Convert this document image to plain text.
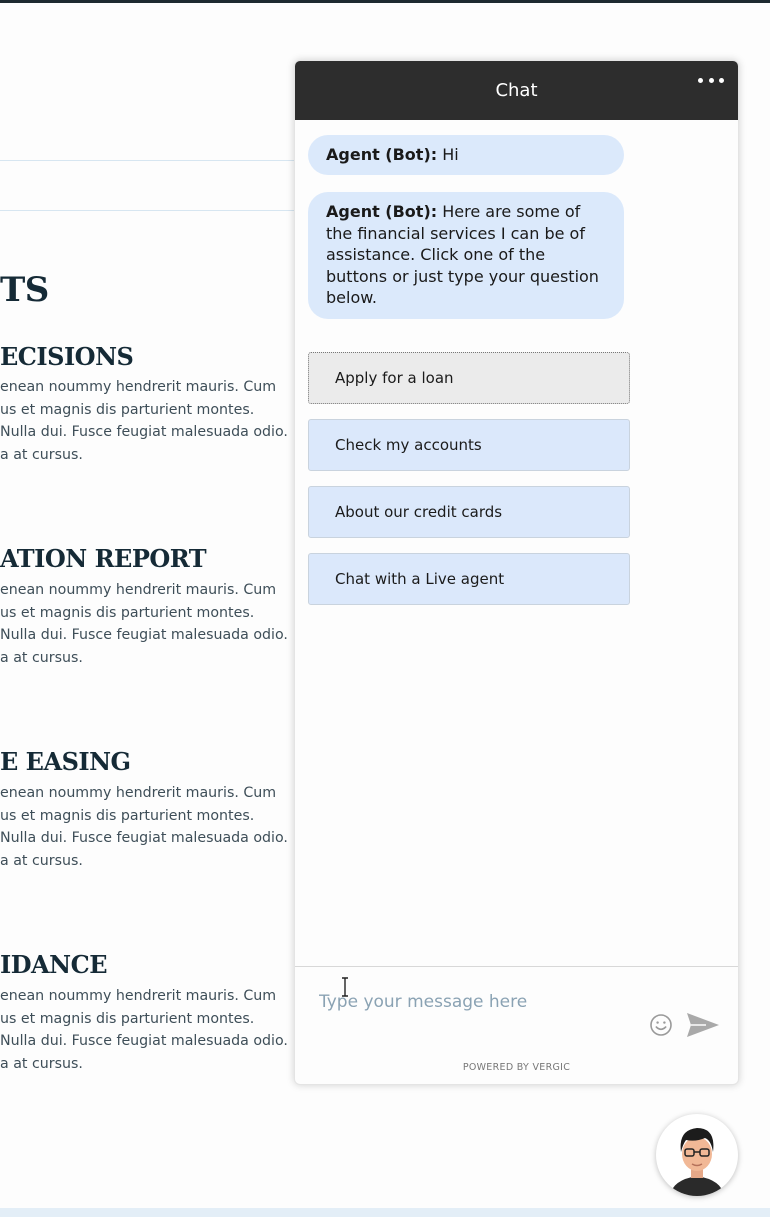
TS
ECISIONS
enean noummy hendrerit mauris. Cum
us et magnis dis parturient montes.
Nulla dui. Fusce feugiat malesuada odio.
a at cursus.
ATION REPORT
enean noummy hendrerit mauris. Cum
us et magnis dis parturient montes.
Nulla dui. Fusce feugiat malesuada odio.
a at cursus.
E EASING
enean noummy hendrerit mauris. Cum
us et magnis dis parturient montes.
Nulla dui. Fusce feugiat malesuada odio.
a at cursus.
IDANCE
enean noummy hendrerit mauris. Cum
us et magnis dis parturient montes.
Nulla dui. Fusce feugiat malesuada odio.
a at cursus.
Chat
Agent (Bot): Hi
Agent (Bot): Here are some of the financial services I can be of assistance. Click one of the buttons or just type your question below.
Apply for a loan
Check my accounts
About our credit cards
Chat with a Live agent
Type your message here
POWERED BY VERGIC
